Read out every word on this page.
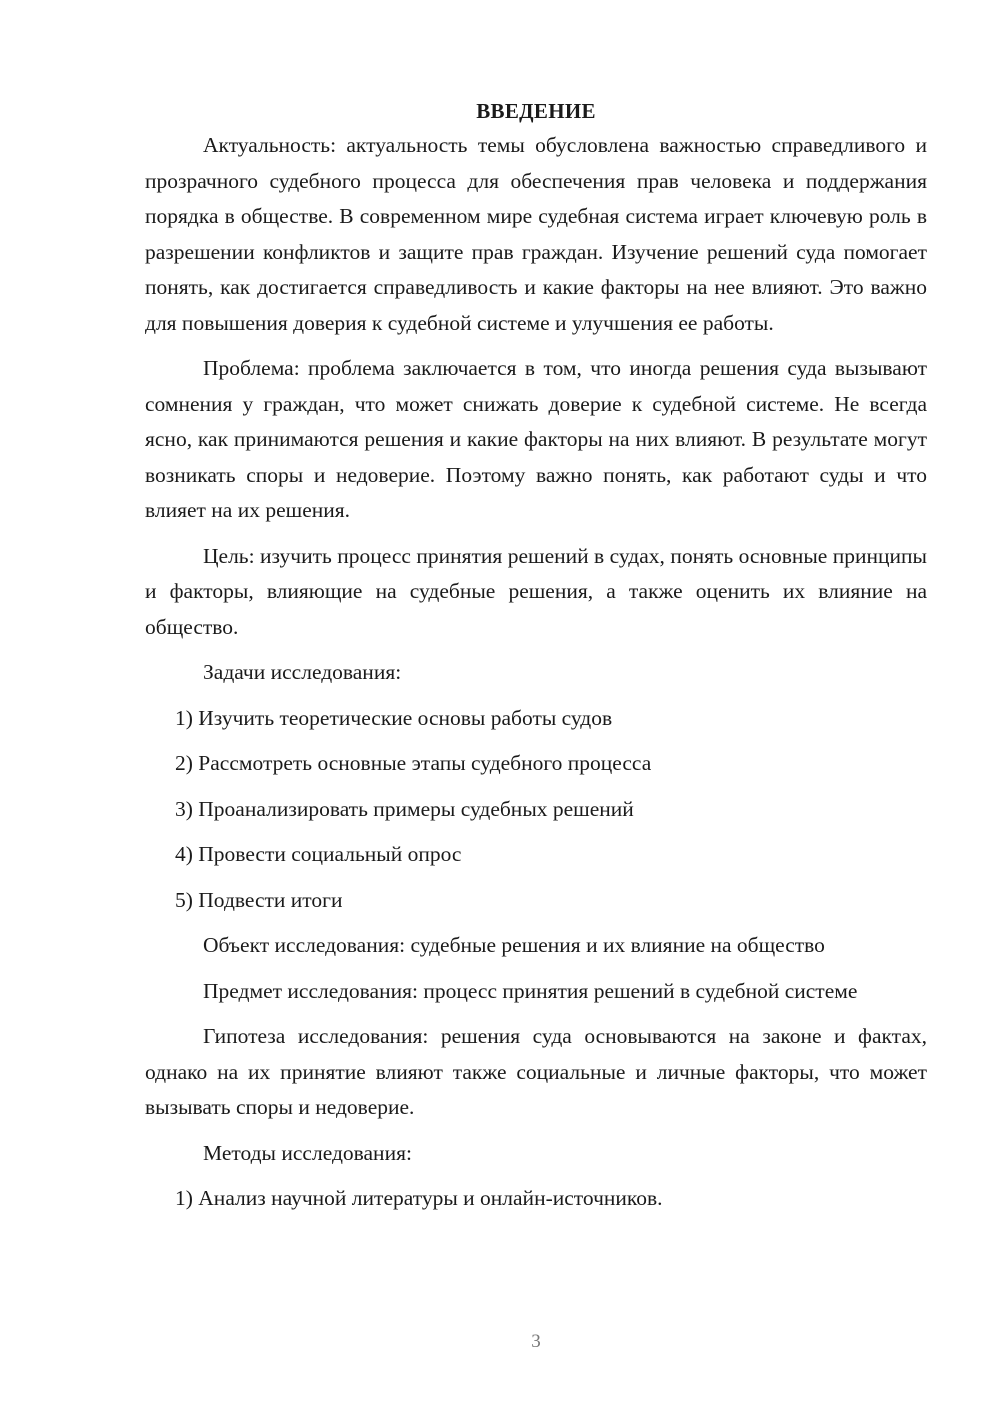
ВВЕДЕНИЕ

Актуальность: актуальность темы обусловлена важностью справедливого и прозрачного судебного процесса для обеспечения прав человека и поддержания порядка в обществе. В современном мире судебная система играет ключевую роль в разрешении конфликтов и защите прав граждан. Изучение решений суда помогает понять, как достигается справедливость и какие факторы на нее влияют. Это важно для повышения доверия к судебной системе и улучшения ее работы.

Проблема: проблема заключается в том, что иногда решения суда вызывают сомнения у граждан, что может снижать доверие к судебной системе. Не всегда ясно, как принимаются решения и какие факторы на них влияют. В результате могут возникать споры и недоверие. Поэтому важно понять, как работают суды и что влияет на их решения.

Цель: изучить процесс принятия решений в судах, понять основные принципы и факторы, влияющие на судебные решения, а также оценить их влияние на общество.

Задачи исследования:

1) Изучить теоретические основы работы судов
2) Рассмотреть основные этапы судебного процесса
3) Проанализировать примеры судебных решений
4) Провести социальный опрос
5) Подвести итоги

Объект исследования: судебные решения и их влияние на общество

Предмет исследования: процесс принятия решений в судебной системе

Гипотеза исследования: решения суда основываются на законе и фактах, однако на их принятие влияют также социальные и личные факторы, что может вызывать споры и недоверие.

Методы исследования:

1) Анализ научной литературы и онлайн-источников.
3
